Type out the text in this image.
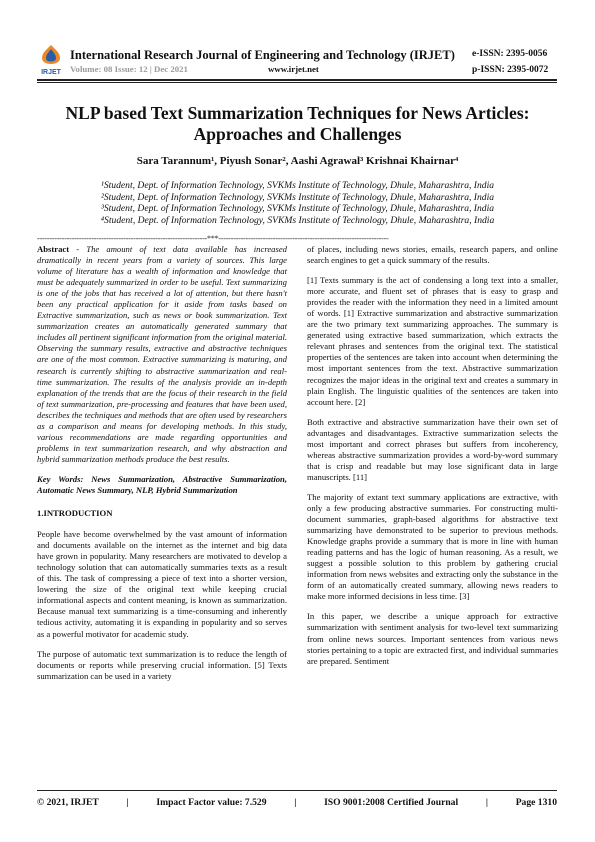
IRJET
International Research Journal of Engineering and Technology (IRJET)
Volume: 08 Issue: 12 | Dec 2021	www.irjet.net
e-ISSN: 2395-0056
p-ISSN: 2395-0072
NLP based Text Summarization Techniques for News Articles: Approaches and Challenges
Sara Tarannum¹, Piyush Sonar², Aashi Agrawal³ Krishnai Khairnar⁴
¹Student, Dept. of Information Technology, SVKMs Institute of Technology, Dhule, Maharashtra, India
²Student, Dept. of Information Technology, SVKMs Institute of Technology, Dhule, Maharashtra, India
³Student, Dept. of Information Technology, SVKMs Institute of Technology, Dhule, Maharashtra, India
⁴Student, Dept. of Information Technology, SVKMs Institute of Technology, Dhule, Maharashtra, India
---------------------------------------------------------------------***---------------------------------------------------------------------

Abstract - The amount of text data available has increased dramatically in recent years from a variety of sources. This large volume of literature has a wealth of information and knowledge that must be adequately summarized in order to be useful. Text summarizing is one of the jobs that has received a lot of attention, but there hasn't been any practical application for it aside from tasks based on Extractive summarization, such as news or book summarization. Text summarization creates an automatically generated summary that includes all pertinent significant information from the original material. Observing the summary results, extractive and abstractive techniques are one of the most common. Extractive summarizing is maturing, and research is currently shifting to abstractive summarization and real-time summarization. The results of the analysis provide an in-depth explanation of the trends that are the focus of their research in the field of text summarization, pre-processing and features that have been used, describes the techniques and methods that are often used by researchers as a comparison and means for developing methods. In this study, various recommendations are made regarding opportunities and problems in text summarization research, and why abstraction and hybrid summarization methods produce the best results.

Key Words: News Summarization, Abstractive Summarization, Automatic News Summary, NLP, Hybrid Summarization

1.INTRODUCTION

People have become overwhelmed by the vast amount of information and documents available on the internet as the internet and big data have grown in popularity. Many researchers are motivated to develop a technology solution that can automatically summaries texts as a result of this. The task of compressing a piece of text into a shorter version, lowering the size of the original text while keeping crucial informational aspects and content meaning, is known as summarization. Because manual text summarizing is a time-consuming and inherently tedious activity, automating it is expanding in popularity and so serves as a powerful motivator for academic study.

The purpose of automatic text summarization is to reduce the length of documents or reports while preserving crucial information. [5] Texts summarization can be used in a variety

of places, including news stories, emails, research papers, and online search engines to get a quick summary of the results.

[1] Texts summary is the act of condensing a long text into a smaller, more accurate, and fluent set of phrases that is easy to grasp and provides the reader with the information they need in a limited amount of words. [1] Extractive summarization and abstractive summarization are the two primary text summarizing approaches. The summary is generated using extractive based summarization, which extracts the relevant phrases and sentences from the original text. The statistical properties of the sentences are taken into account when determining the most important sentences from the text. Abstractive summarization recognizes the major ideas in the original text and creates a summary in plain English. The linguistic qualities of the sentences are taken into account here. [2]

Both extractive and abstractive summarization have their own set of advantages and disadvantages. Extractive summarization selects the most important and correct phrases but suffers from incoherency, whereas abstractive summarization provides a word-by-word summary that is crisp and readable but may lose significant data in large manuscripts. [11]

The majority of extant text summary applications are extractive, with only a few producing abstractive summaries. For constructing multi-document summaries, graph-based algorithms for abstractive text summarizing have demonstrated to be superior to previous methods. Knowledge graphs provide a summary that is more in line with human reading patterns and has the logic of human reasoning. As a result, we suggest a possible solution to this problem by gathering crucial information from news websites and extracting only the substance in the form of an automatically created summary, allowing news readers to make more informed decisions in less time. [3]

In this paper, we describe a unique approach for extractive summarization with sentiment analysis for two-level text summarizing from online news sources. Important sentences from various news stories pertaining to a topic are extracted first, and individual summaries are prepared. Sentiment

© 2021, IRJET	|	Impact Factor value: 7.529	|	ISO 9001:2008 Certified Journal	|	Page 1310
